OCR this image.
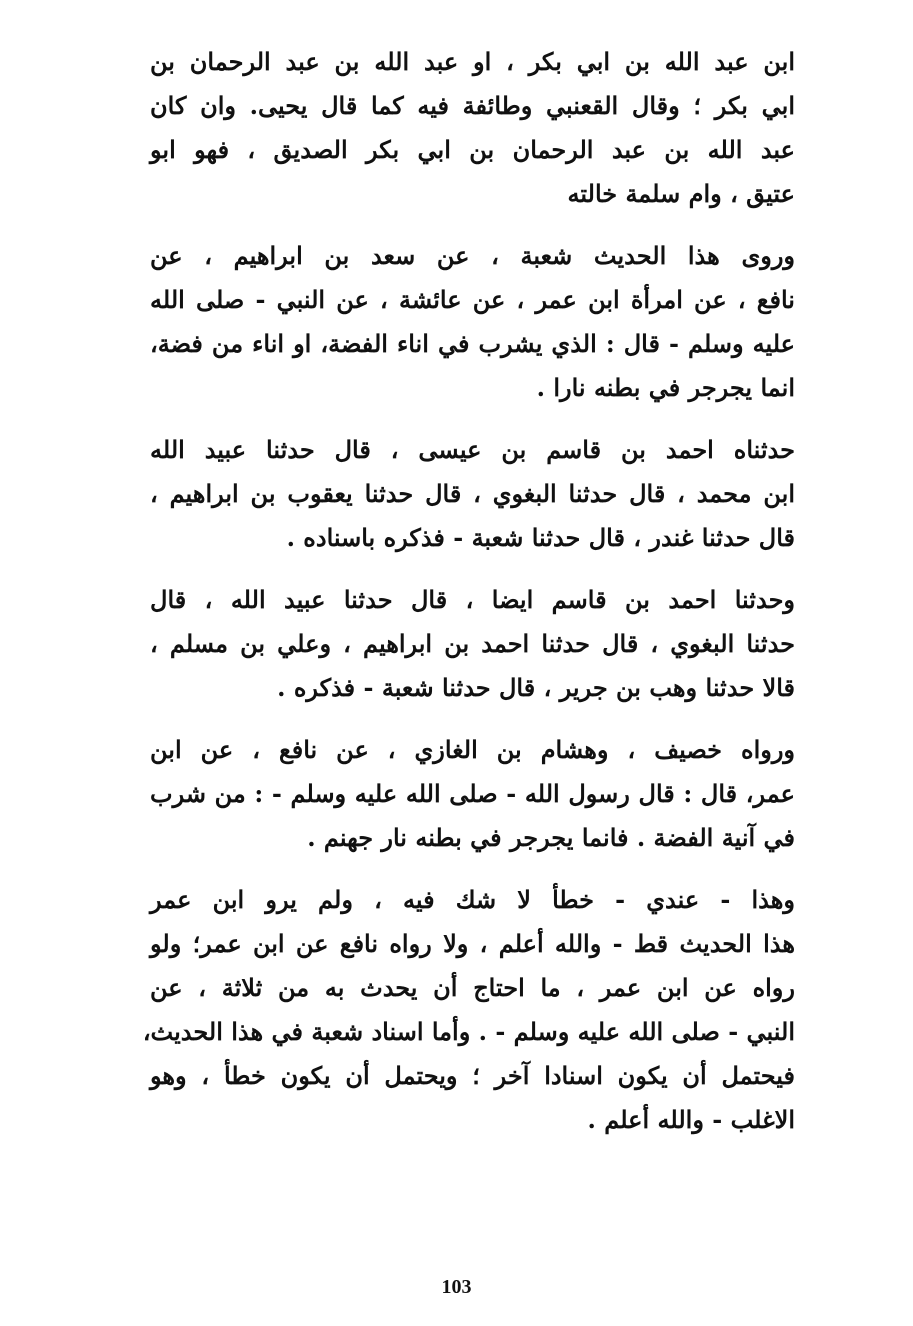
ابن عبد الله بن ابي بكر ، او عبد الله بن عبد الرحمان بن
ابي بكر ؛ وقال القعنبي وطائفة فيه كما قال يحيى. وان كان
عبد الله بن عبد الرحمان بن ابي بكر الصديق ، فهو ابو
عتيق ، وام سلمة خالته
وروى هذا الحديث شعبة ، عن سعد بن ابراهيم ، عن
نافع ، عن امرأة ابن عمر ، عن عائشة ، عن النبي - صلى الله
عليه وسلم - قال : الذي يشرب في اناء الفضة، او اناء من فضة،
انما يجرجر في بطنه نارا .
حدثناه احمد بن قاسم بن عيسى ، قال حدثنا عبيد الله
ابن محمد ، قال حدثنا البغوي ، قال حدثنا يعقوب بن ابراهيم ،
قال حدثنا غندر ، قال حدثنا شعبة - فذكره باسناده .
وحدثنا احمد بن قاسم ايضا ، قال حدثنا عبيد الله ، قال
حدثنا البغوي ، قال حدثنا احمد بن ابراهيم ، وعلي بن مسلم ،
قالا حدثنا وهب بن جرير ، قال حدثنا شعبة - فذكره .
ورواه خصيف ، وهشام بن الغازي ، عن نافع ، عن ابن
عمر، قال : قال رسول الله - صلى الله عليه وسلم - : من شرب
في آنية الفضة . فانما يجرجر في بطنه نار جهنم .
وهذا - عندي - خطأ لا شك فيه ، ولم يرو ابن عمر
هذا الحديث قط - والله أعلم ، ولا رواه نافع عن ابن عمر؛ ولو
رواه عن ابن عمر ، ما احتاج أن يحدث به من ثلاثة ، عن
النبي - صلى الله عليه وسلم - . وأما اسناد شعبة في هذا الحديث،
فيحتمل أن يكون اسنادا آخر ؛ ويحتمل أن يكون خطأ ، وهو
الاغلب - والله أعلم .
103
